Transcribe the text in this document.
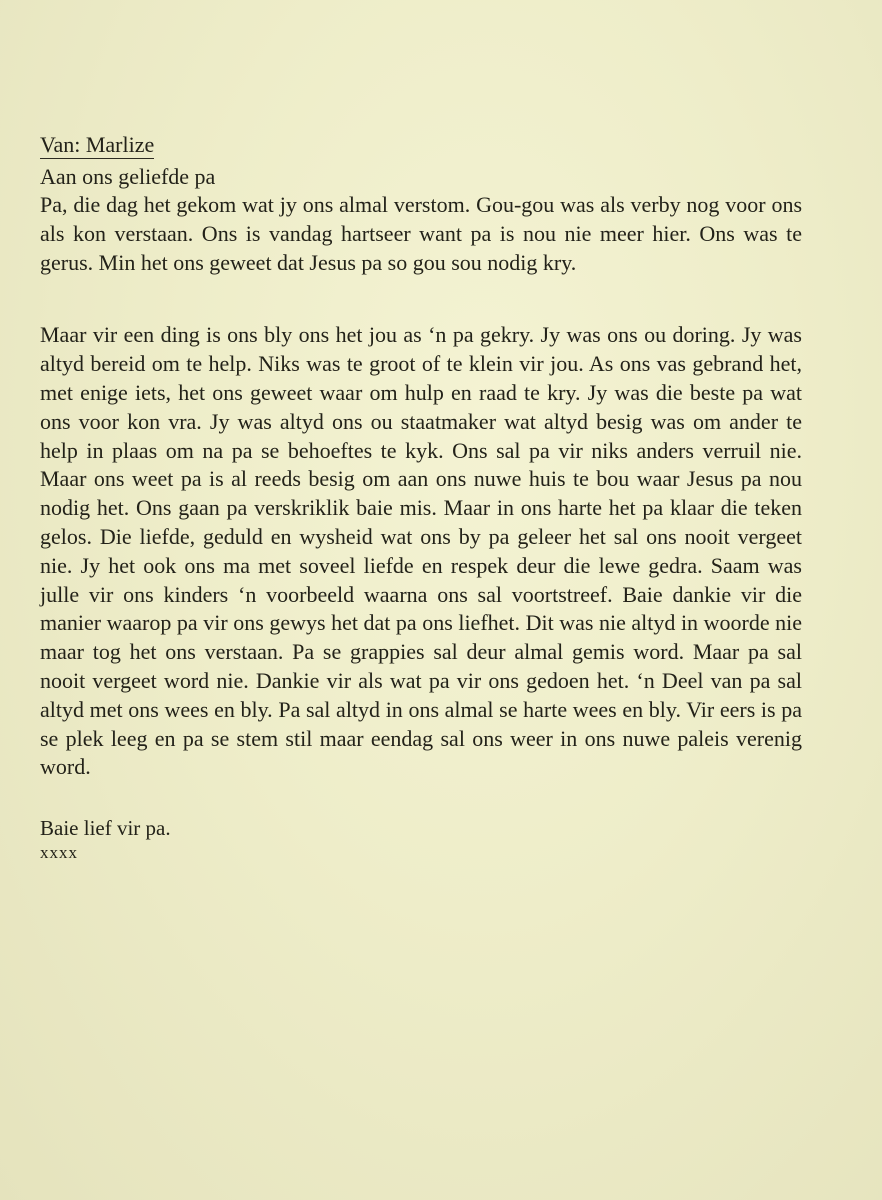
Van: Marlize

Aan ons geliefde pa

Pa, die dag het gekom wat jy ons almal verstom. Gou-gou was als verby nog voor ons als kon verstaan. Ons is vandag hartseer want pa is nou nie meer hier. Ons was te gerus. Min het ons geweet dat Jesus pa so gou sou nodig kry.

Maar vir een ding is ons bly ons het jou as ‘n pa gekry. Jy was ons ou doring. Jy was altyd bereid om te help. Niks was te groot of te klein vir jou. As ons vas gebrand het, met enige iets, het ons geweet waar om hulp en raad te kry. Jy was die beste pa wat ons voor kon vra. Jy was altyd ons ou staatmaker wat altyd besig was om ander te help in plaas om na pa se behoeftes te kyk. Ons sal pa vir niks anders verruil nie. Maar ons weet pa is al reeds besig om aan ons nuwe huis te bou waar Jesus pa nou nodig het. Ons gaan pa verskriklik baie mis. Maar in ons harte het pa klaar die teken gelos. Die liefde, geduld en wysheid wat ons by pa geleer het sal ons nooit vergeet nie. Jy het ook ons ma met soveel liefde en respek deur die lewe gedra. Saam was julle vir ons kinders ‘n voorbeeld waarna ons sal voortstreef. Baie dankie vir die manier waarop pa vir ons gewys het dat pa ons liefhet. Dit was nie altyd in woorde nie maar tog het ons verstaan. Pa se grappies sal deur almal gemis word. Maar pa sal nooit vergeet word nie. Dankie vir als wat pa vir ons gedoen het. ‘n Deel van pa sal altyd met ons wees en bly. Pa sal altyd in ons almal se harte wees en bly. Vir eers is pa se plek leeg en pa se stem stil maar eendag sal ons weer in ons nuwe paleis verenig word.

Baie lief vir pa.

xxxx
